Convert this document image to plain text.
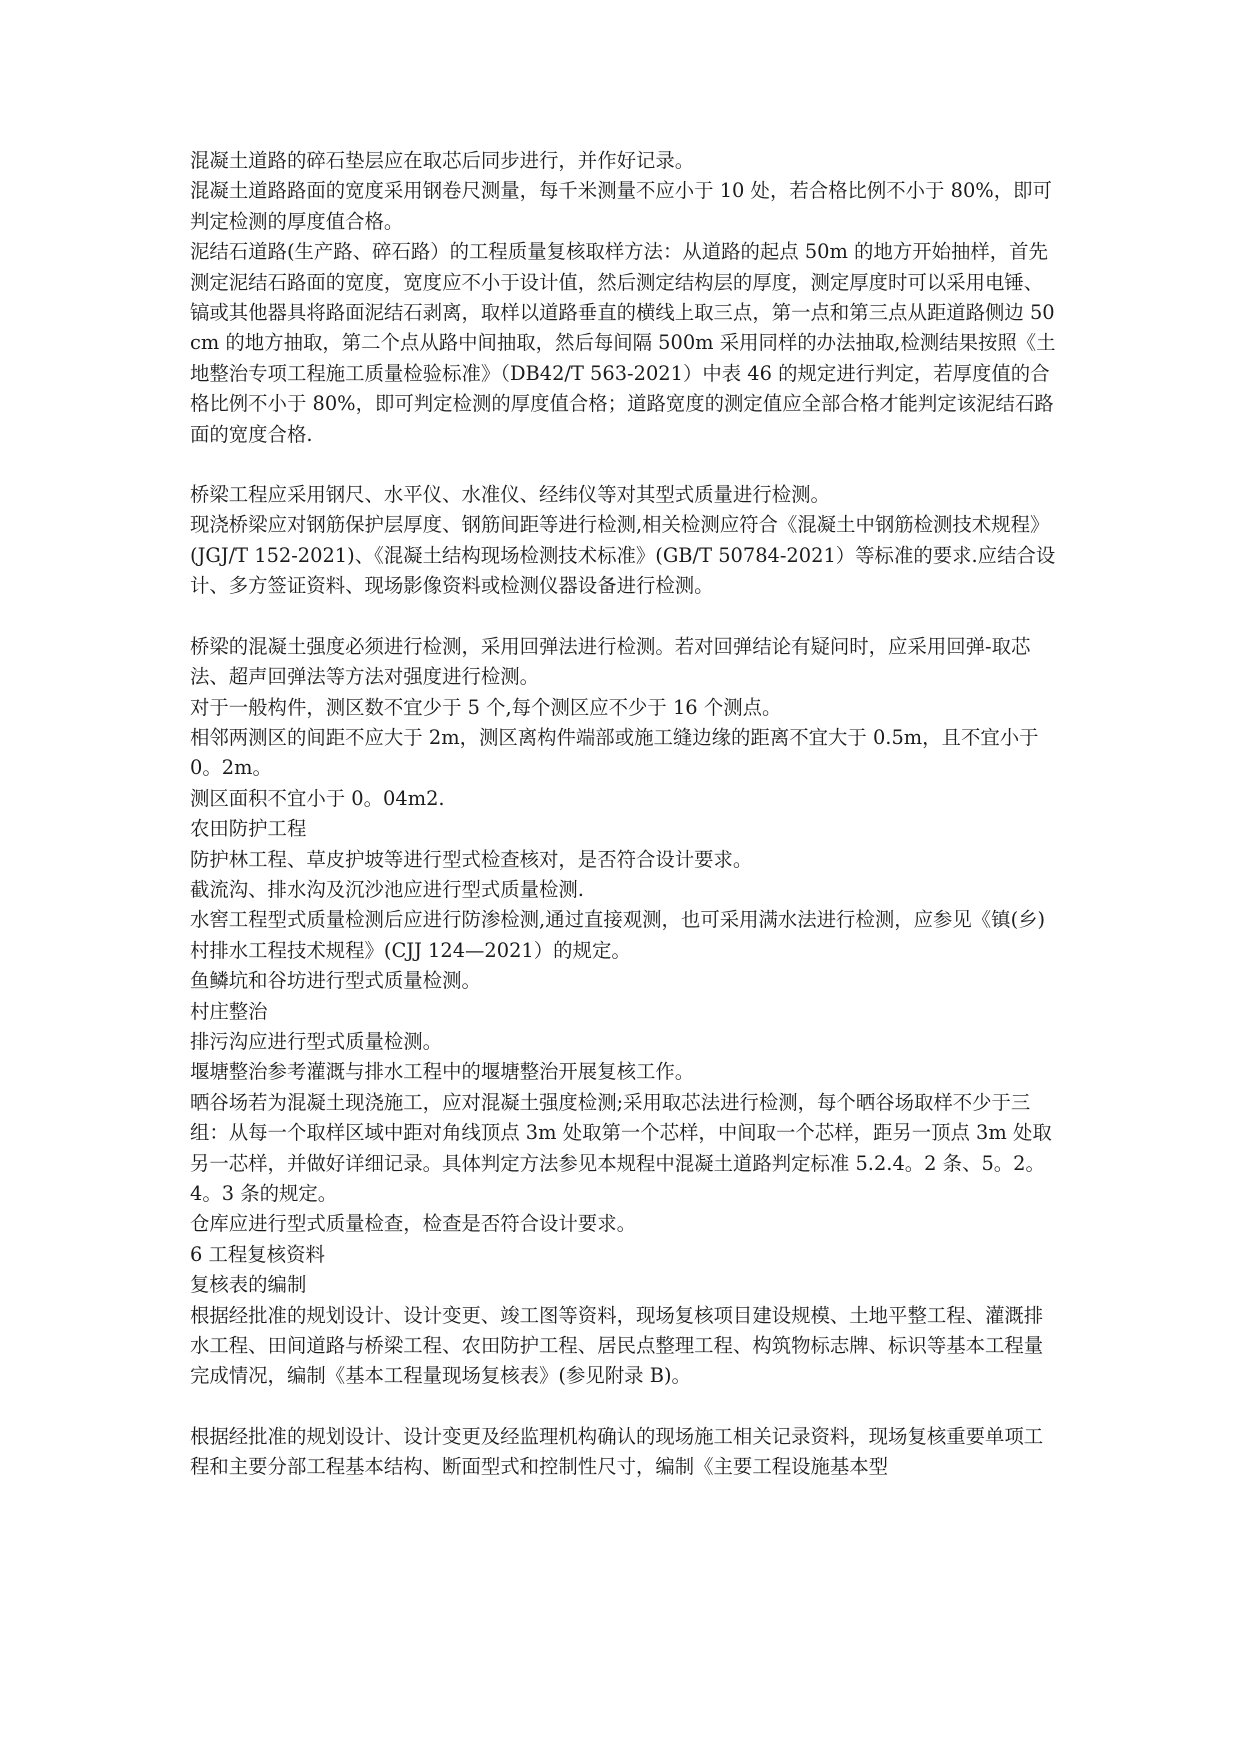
混凝土道路的碎石垫层应在取芯后同步进行，并作好记录。

混凝土道路路面的宽度采用钢卷尺测量，每千米测量不应小于 10 处，若合格比例不小于 80%，即可判定检测的厚度值合格。

泥结石道路(生产路、碎石路）的工程质量复核取样方法：从道路的起点 50m 的地方开始抽样，首先测定泥结石路面的宽度，宽度应不小于设计值，然后测定结构层的厚度，测定厚度时可以采用电锤、镐或其他器具将路面泥结石剥离，取样以道路垂直的横线上取三点，第一点和第三点从距道路侧边 50cm 的地方抽取，第二个点从路中间抽取，然后每间隔 500m 采用同样的办法抽取,检测结果按照《土地整治专项工程施工质量检验标准》（DB42/T 563-2021）中表 46 的规定进行判定，若厚度值的合格比例不小于 80%，即可判定检测的厚度值合格；道路宽度的测定值应全部合格才能判定该泥结石路面的宽度合格.

桥梁工程应采用钢尺、水平仪、水准仪、经纬仪等对其型式质量进行检测。

现浇桥梁应对钢筋保护层厚度、钢筋间距等进行检测,相关检测应符合《混凝土中钢筋检测技术规程》(JGJ/T 152-2021)、《混凝土结构现场检测技术标准》(GB/T 50784-2021）等标准的要求.应结合设计、多方签证资料、现场影像资料或检测仪器设备进行检测。

桥梁的混凝土强度必须进行检测，采用回弹法进行检测。若对回弹结论有疑问时，应采用回弹-取芯法、超声回弹法等方法对强度进行检测。

对于一般构件，测区数不宜少于 5 个,每个测区应不少于 16 个测点。

相邻两测区的间距不应大于 2m，测区离构件端部或施工缝边缘的距离不宜大于 0.5m，且不宜小于 0。2m。

测区面积不宜小于 0。04m2.

农田防护工程

防护林工程、草皮护坡等进行型式检查核对，是否符合设计要求。

截流沟、排水沟及沉沙池应进行型式质量检测.

水窖工程型式质量检测后应进行防渗检测,通过直接观测，也可采用满水法进行检测，应参见《镇(乡)村排水工程技术规程》(CJJ 124—2021）的规定。

鱼鳞坑和谷坊进行型式质量检测。

村庄整治

排污沟应进行型式质量检测。

堰塘整治参考灌溉与排水工程中的堰塘整治开展复核工作。

晒谷场若为混凝土现浇施工，应对混凝土强度检测;采用取芯法进行检测，每个晒谷场取样不少于三组：从每一个取样区域中距对角线顶点 3m 处取第一个芯样，中间取一个芯样，距另一顶点 3m 处取另一芯样，并做好详细记录。具体判定方法参见本规程中混凝土道路判定标准 5.2.4。2 条、5。2。4。3 条的规定。

仓库应进行型式质量检查，检查是否符合设计要求。

6 工程复核资料

复核表的编制

根据经批准的规划设计、设计变更、竣工图等资料，现场复核项目建设规模、土地平整工程、灌溉排水工程、田间道路与桥梁工程、农田防护工程、居民点整理工程、构筑物标志牌、标识等基本工程量完成情况，编制《基本工程量现场复核表》(参见附录 B)。

根据经批准的规划设计、设计变更及经监理机构确认的现场施工相关记录资料，现场复核重要单项工程和主要分部工程基本结构、断面型式和控制性尺寸，编制《主要工程设施基本型
